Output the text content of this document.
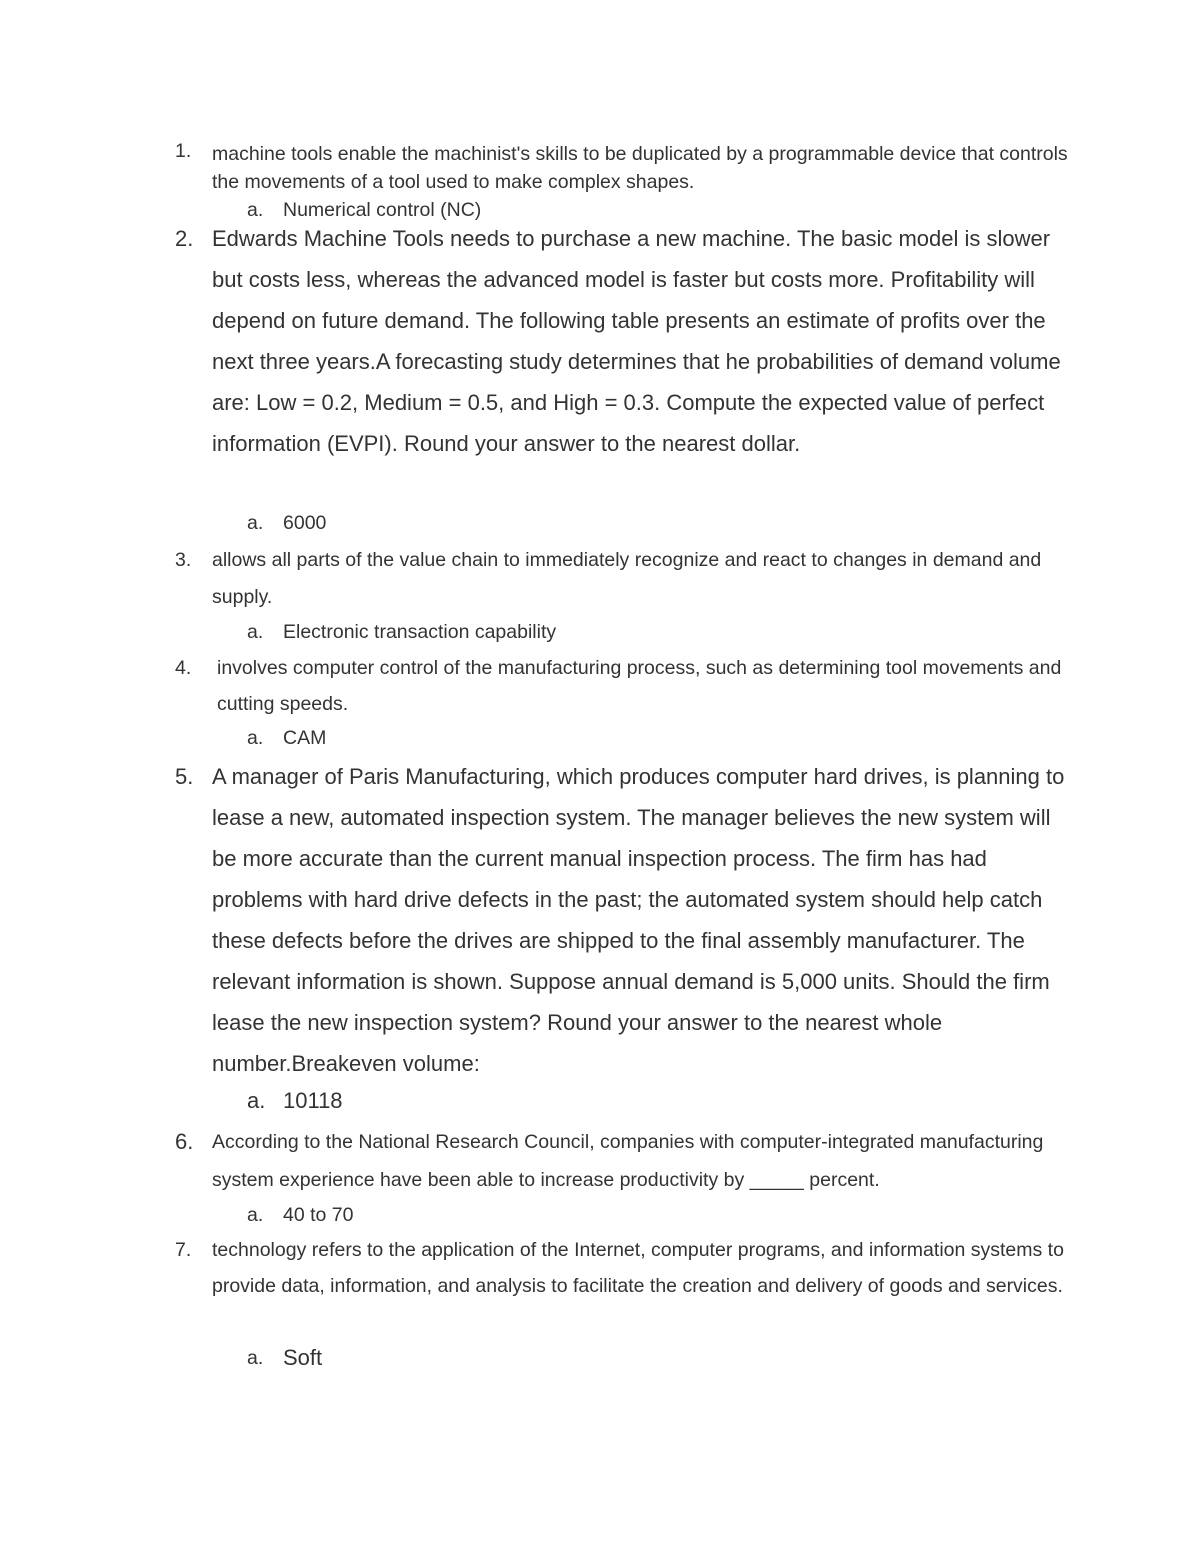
1. machine tools enable the machinist's skills to be duplicated by a programmable device that controls the movements of a tool used to make complex shapes.
a. Numerical control (NC)
2. Edwards Machine Tools needs to purchase a new machine. The basic model is slower but costs less, whereas the advanced model is faster but costs more. Profitability will depend on future demand. The following table presents an estimate of profits over the next three years.A forecasting study determines that he probabilities of demand volume are: Low = 0.2, Medium = 0.5, and High = 0.3. Compute the expected value of perfect information (EVPI). Round your answer to the nearest dollar.
a. 6000
3. allows all parts of the value chain to immediately recognize and react to changes in demand and supply.
a. Electronic transaction capability
4. involves computer control of the manufacturing process, such as determining tool movements and cutting speeds.
a. CAM
5. A manager of Paris Manufacturing, which produces computer hard drives, is planning to lease a new, automated inspection system. The manager believes the new system will be more accurate than the current manual inspection process. The firm has had problems with hard drive defects in the past; the automated system should help catch these defects before the drives are shipped to the final assembly manufacturer. The relevant information is shown. Suppose annual demand is 5,000 units. Should the firm lease the new inspection system? Round your answer to the nearest whole number.Breakeven volume:
a. 10118
6. According to the National Research Council, companies with computer-integrated manufacturing system experience have been able to increase productivity by _____ percent.
a. 40 to 70
7. technology refers to the application of the Internet, computer programs, and information systems to provide data, information, and analysis to facilitate the creation and delivery of goods and services.
a. Soft
